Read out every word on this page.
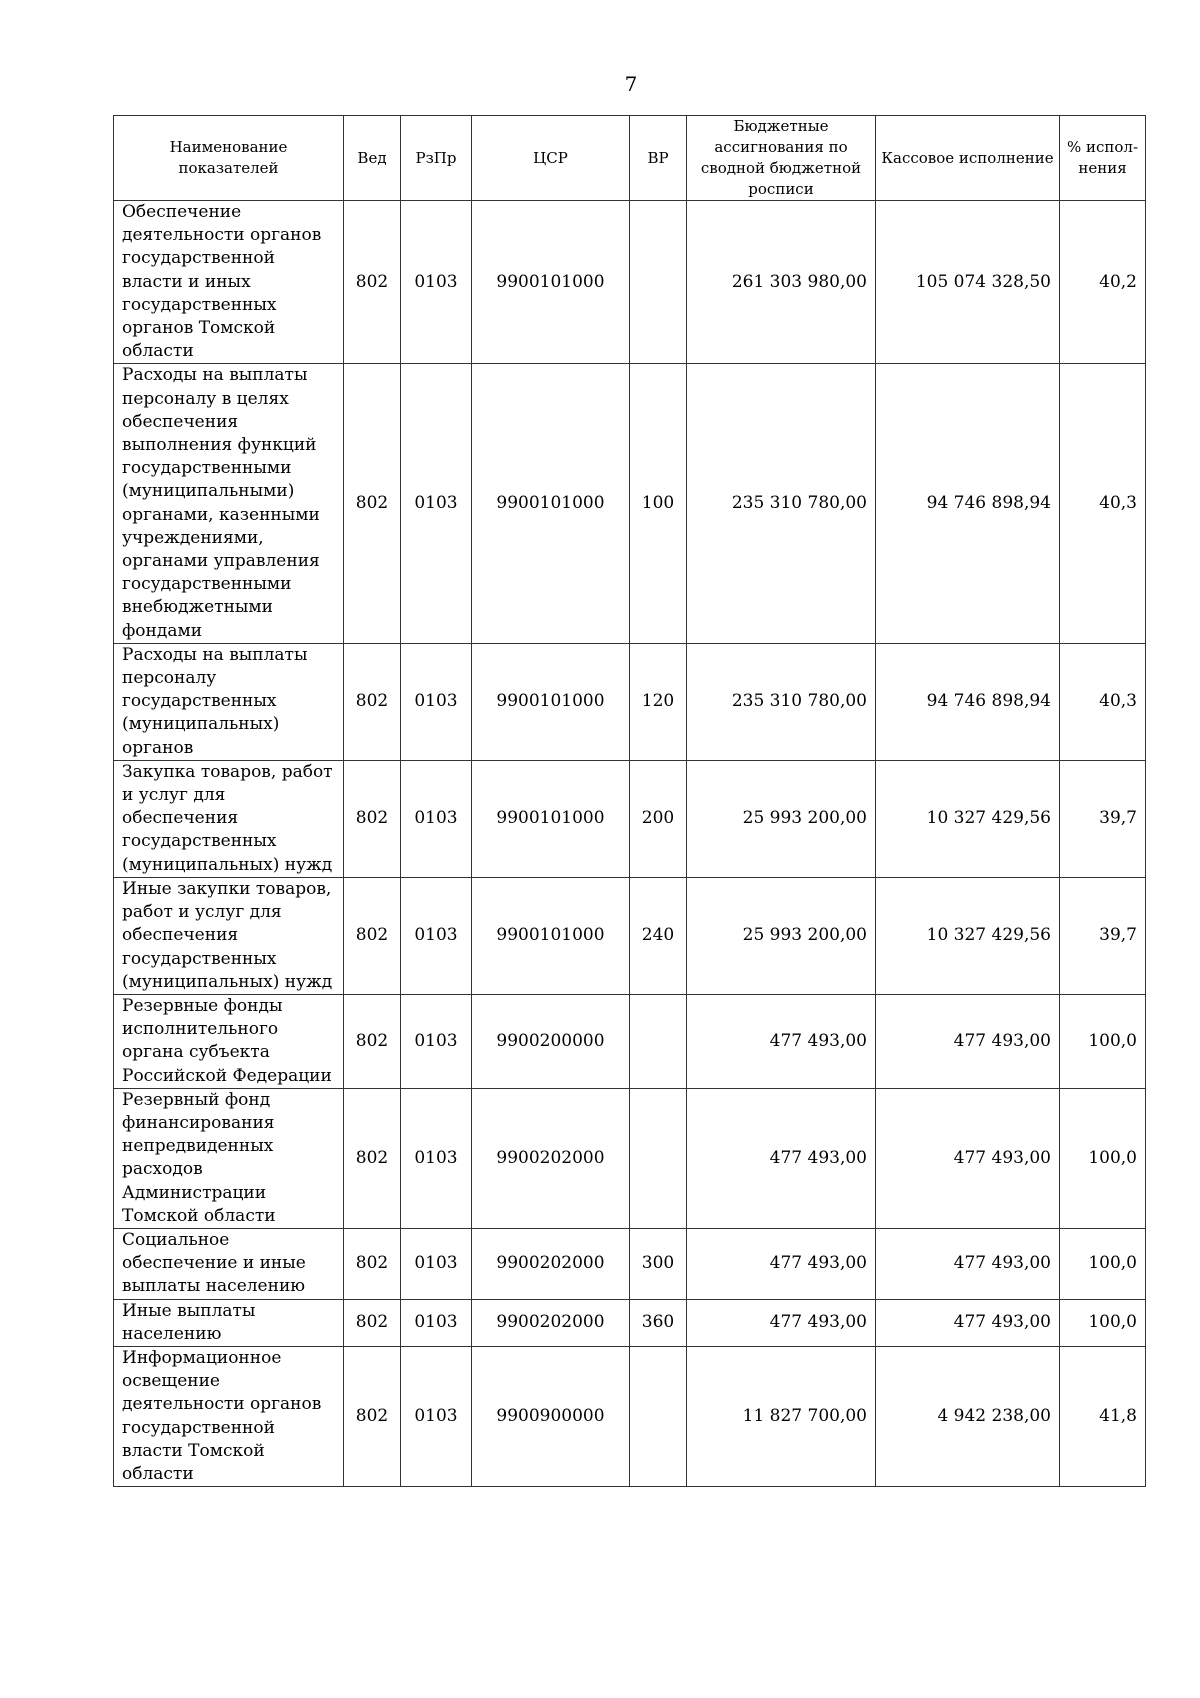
7
Наименование показателей	Вед	РзПр	ЦСР	ВР	Бюджетные ассигнования по сводной бюджетной росписи	Кассовое исполнение	% испол-нения
Обеспечение деятельности органов государственной власти и иных государственных органов Томской области	802	0103	9900101000		261 303 980,00	105 074 328,50	40,2
Расходы на выплаты персоналу в целях обеспечения выполнения функций государственными (муниципальными) органами, казенными учреждениями, органами управления государственными внебюджетными фондами	802	0103	9900101000	100	235 310 780,00	94 746 898,94	40,3
Расходы на выплаты персоналу государственных (муниципальных) органов	802	0103	9900101000	120	235 310 780,00	94 746 898,94	40,3
Закупка товаров, работ и услуг для обеспечения государственных (муниципальных) нужд	802	0103	9900101000	200	25 993 200,00	10 327 429,56	39,7
Иные закупки товаров, работ и услуг для обеспечения государственных (муниципальных) нужд	802	0103	9900101000	240	25 993 200,00	10 327 429,56	39,7
Резервные фонды исполнительного органа субъекта Российской Федерации	802	0103	9900200000		477 493,00	477 493,00	100,0
Резервный фонд финансирования непредвиденных расходов Администрации Томской области	802	0103	9900202000		477 493,00	477 493,00	100,0
Социальное обеспечение и иные выплаты населению	802	0103	9900202000	300	477 493,00	477 493,00	100,0
Иные выплаты населению	802	0103	9900202000	360	477 493,00	477 493,00	100,0
Информационное освещение деятельности органов государственной власти Томской области	802	0103	9900900000		11 827 700,00	4 942 238,00	41,8
